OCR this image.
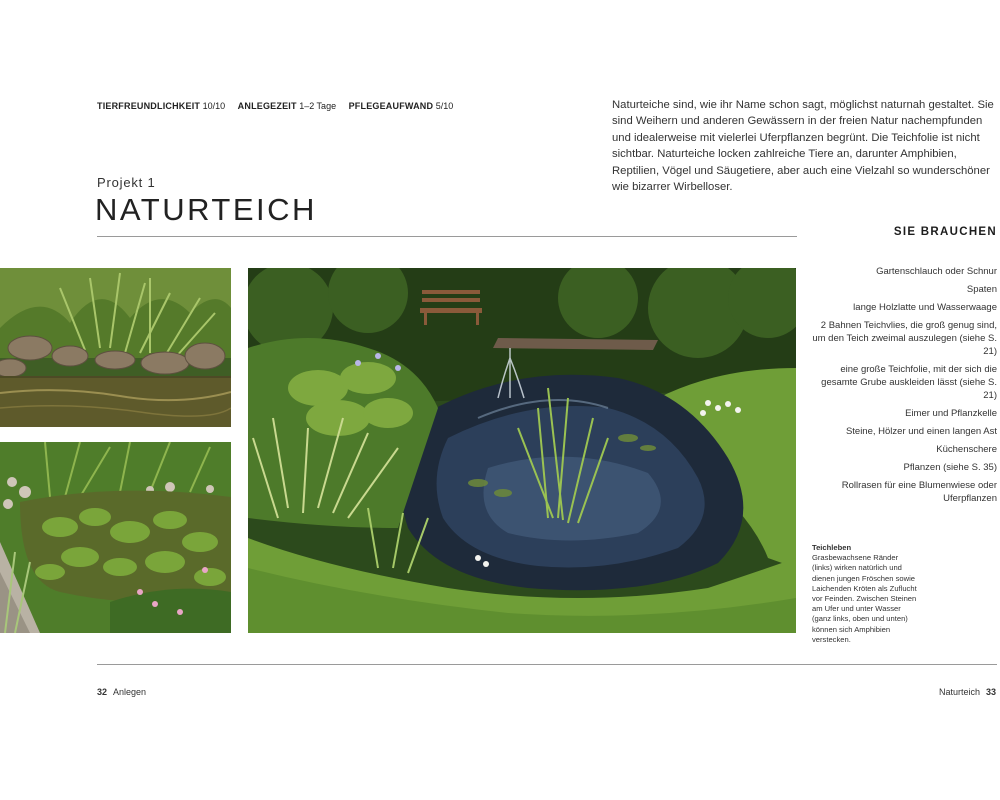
TIERFREUNDLICHKEIT 10/10 ANLEGEZEIT 1–2 Tage PFLEGEAUFWAND 5/10
Projekt 1
NATURTEICH

Naturteiche sind, wie ihr Name schon sagt, möglichst naturnah gestaltet. Sie sind Weihern und anderen Gewässern in der freien Natur nachempfunden und idealerweise mit vielerlei Uferpflanzen begrünt. Die Teichfolie ist nicht sichtbar. Naturteiche locken zahlreiche Tiere an, darunter Amphibien, Reptilien, Vögel und Säugetiere, aber auch eine Vielzahl so wunderschöner wie bizarrer Wirbelloser.

SIE BRAUCHEN
Gartenschlauch oder Schnur
Spaten
lange Holzlatte und Wasserwaage
2 Bahnen Teichvlies, die groß genug sind, um den Teich zweimal auszulegen (siehe S. 21)
eine große Teichfolie, mit der sich die gesamte Grube auskleiden lässt (siehe S. 21)
Eimer und Pflanzkelle
Steine, Hölzer und einen langen Ast
Küchenschere
Pflanzen (siehe S. 35)
Rollrasen für eine Blumenwiese oder Uferpflanzen
Teichleben
Grasbewachsene Ränder (links) wirken natürlich und dienen jungen Fröschen sowie Laichenden Kröten als Zuflucht vor Feinden. Zwischen Steinen am Ufer und unter Wasser (ganz links, oben und unten) können sich Amphibien verstecken.
32 Anlegen	Naturteich 33
